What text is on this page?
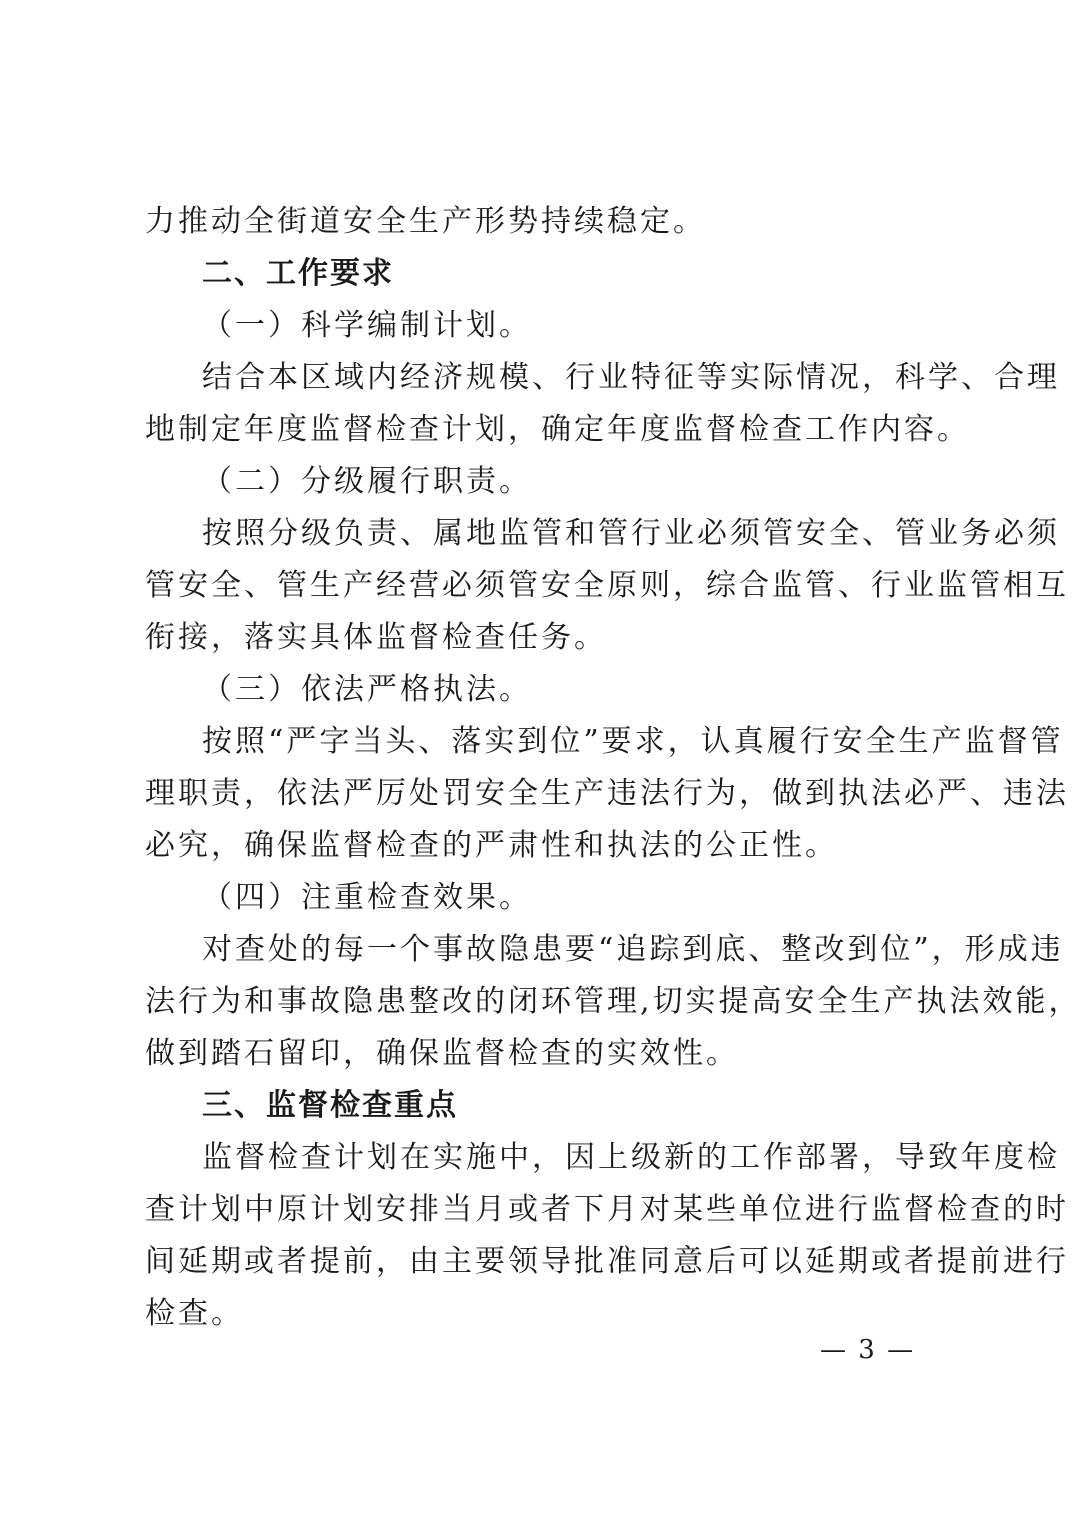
力推动全街道安全生产形势持续稳定。
二、工作要求
（一）科学编制计划。
结合本区域内经济规模、行业特征等实际情况，科学、合理
地制定年度监督检查计划，确定年度监督检查工作内容。
（二）分级履行职责。
按照分级负责、属地监管和管行业必须管安全、管业务必须
管安全、管生产经营必须管安全原则，综合监管、行业监管相互
衔接，落实具体监督检查任务。
（三）依法严格执法。
按照“严字当头、落实到位”要求，认真履行安全生产监督管
理职责，依法严厉处罚安全生产违法行为，做到执法必严、违法
必究，确保监督检查的严肃性和执法的公正性。
（四）注重检查效果。
对查处的每一个事故隐患要“追踪到底、整改到位”，形成违
法行为和事故隐患整改的闭环管理,切实提高安全生产执法效能，
做到踏石留印，确保监督检查的实效性。
三、监督检查重点
监督检查计划在实施中，因上级新的工作部署，导致年度检
查计划中原计划安排当月或者下月对某些单位进行监督检查的时
间延期或者提前，由主要领导批准同意后可以延期或者提前进行
检查。
— 3 —
